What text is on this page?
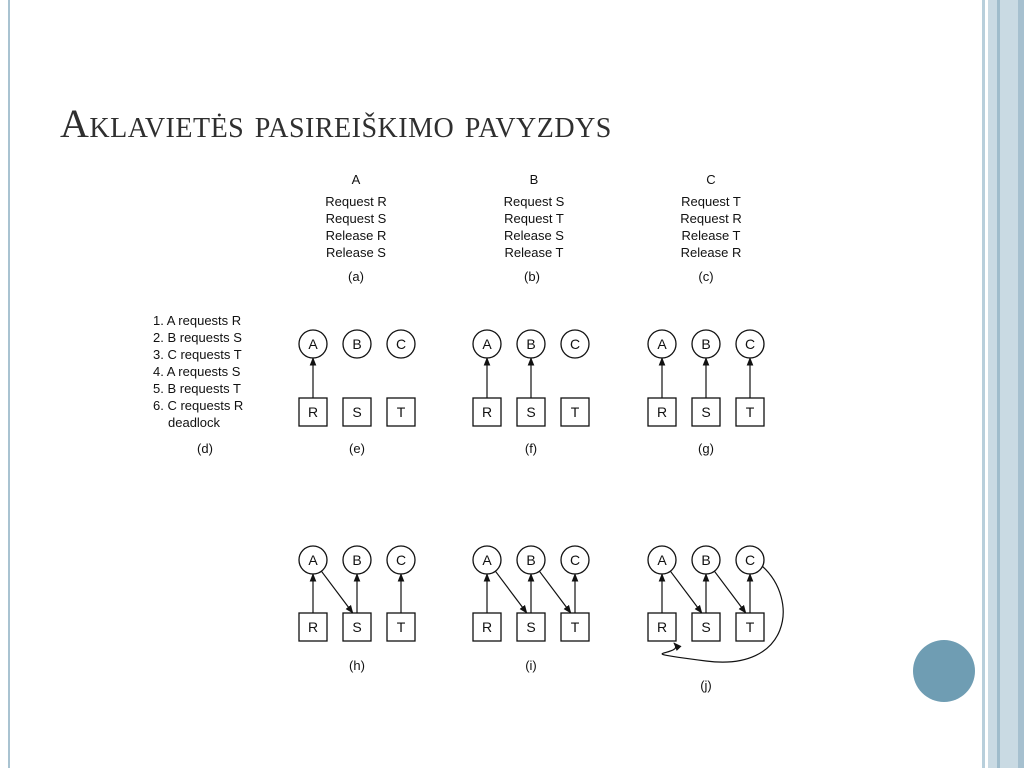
Aklavietės pasireiškimo pavyzdys
A
Request R
Request S
Release R
Release S
(a)
B
Request S
Request T
Release S
Release T
(b)
C
Request T
Request R
Release T
Release R
(c)
1. A requests R
2. B requests S
3. C requests T
4. A requests S
5. B requests T
6. C requests R
deadlock
(d)
A
R
B
S
C
T
(e)
A
R
B
S
C
T
(f)
A
R
B
S
C
T
(g)
A
R
B
S
C
T
(h)
A
R
B
S
C
T
(i)
A
R
B
S
C
T
(j)
